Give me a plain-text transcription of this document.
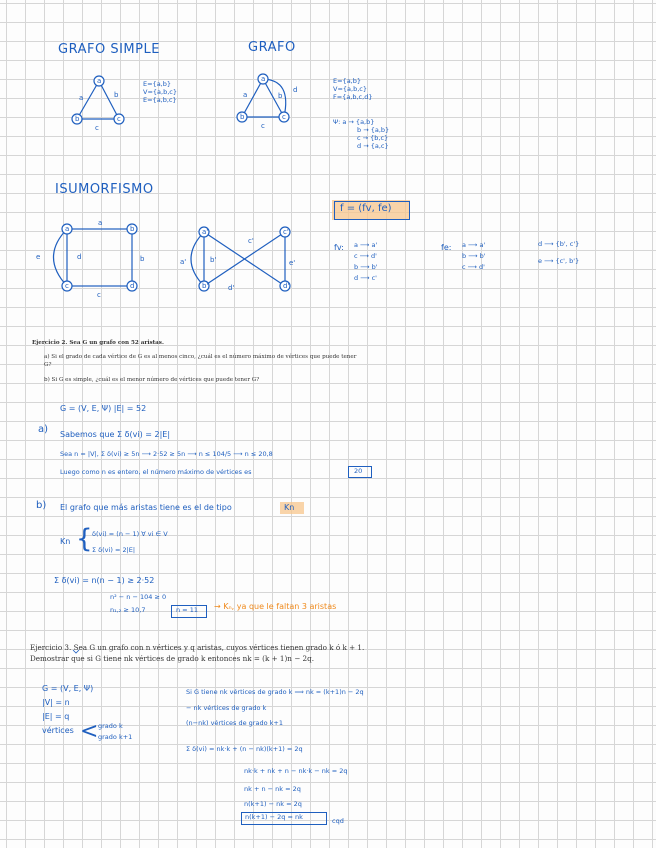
GRAFO SIMPLE	GRAFO
ISUMORFISMO
a
b	c
a	b
c
a
b	c
a	b
d
c
a	b
c	d
a
d	b
c
e
a'	c'
b'	d'
a'	b'
c'
e'
d'
E={a,b}
V={a,b,c}
E={a,b,c}
E={a,b}
V={a,b,c}
F={a,b,c,d}
Ψ: a → {a,b}
b → {a,b}
c → {b,c}
d → {a,c}
f = (fv, fe)
fv: a ⟶ a'
c ⟶ d'
b ⟶ b'
d ⟶ c'
fe: a ⟶ a'
b ⟶ b'
c ⟶ d'
d ⟶ {b', c'}
e ⟶ {c', b'}
Ejercicio 2. Sea G un grafo con 52 aristas.
a) Si el grado de cada vértice de G es al menos cinco, ¿cuál es el número máximo de vértices que puede tener G?
b) Si G es simple, ¿cuál es el menor número de vértices que puede tener G?
G = (V, E, Ψ) |E| = 52
a) Sabemos que Σ δ(vi) = 2|E|
Sea n = |V|, Σ δ(vi) ≥ 5n ⟶ 2·52 ≥ 5n ⟶ n ≤ 104/5 ⟶ n ≤ 20,8
Luego como n es entero, el número máximo de vértices es	20
b) El grafo que más aristas tiene es el de tipo	Kn
Kn { δ(vi) = (n − 1) ∀ vi ∈ V
Σ δ(vi) = 2|E|
Σ δ(vi) = n(n − 1) ≥ 2·52
n² − n − 104 ≥ 0
n₁,₂ ≥ 10,7	n = 11 → Kₙ, ya que le faltan 3 aristas
Ejercicio 3. Sea G un grafo con n vértices y q aristas, cuyos vértices tienen grado k ó k + 1.
Demostrar que si G tiene nk vértices de grado k entonces nk = (k + 1)n − 2q.
G = (V, E, Ψ)
|V| = n
|E| = q
vértices < grado k
grado k+1
Si G tiene nk vértices de grado k ⟹ nk = (k+1)n − 2q
− nk vértices de grado k
(n−nk) vértices de grado k+1
Σ δ(vi) = nk·k + (n − nk)(k+1) = 2q
nk·k + nk + n − nk·k − nk = 2q
nk + n − nk = 2q
n(k+1) − nk = 2q
n(k+1) − 2q = nk	cqd
